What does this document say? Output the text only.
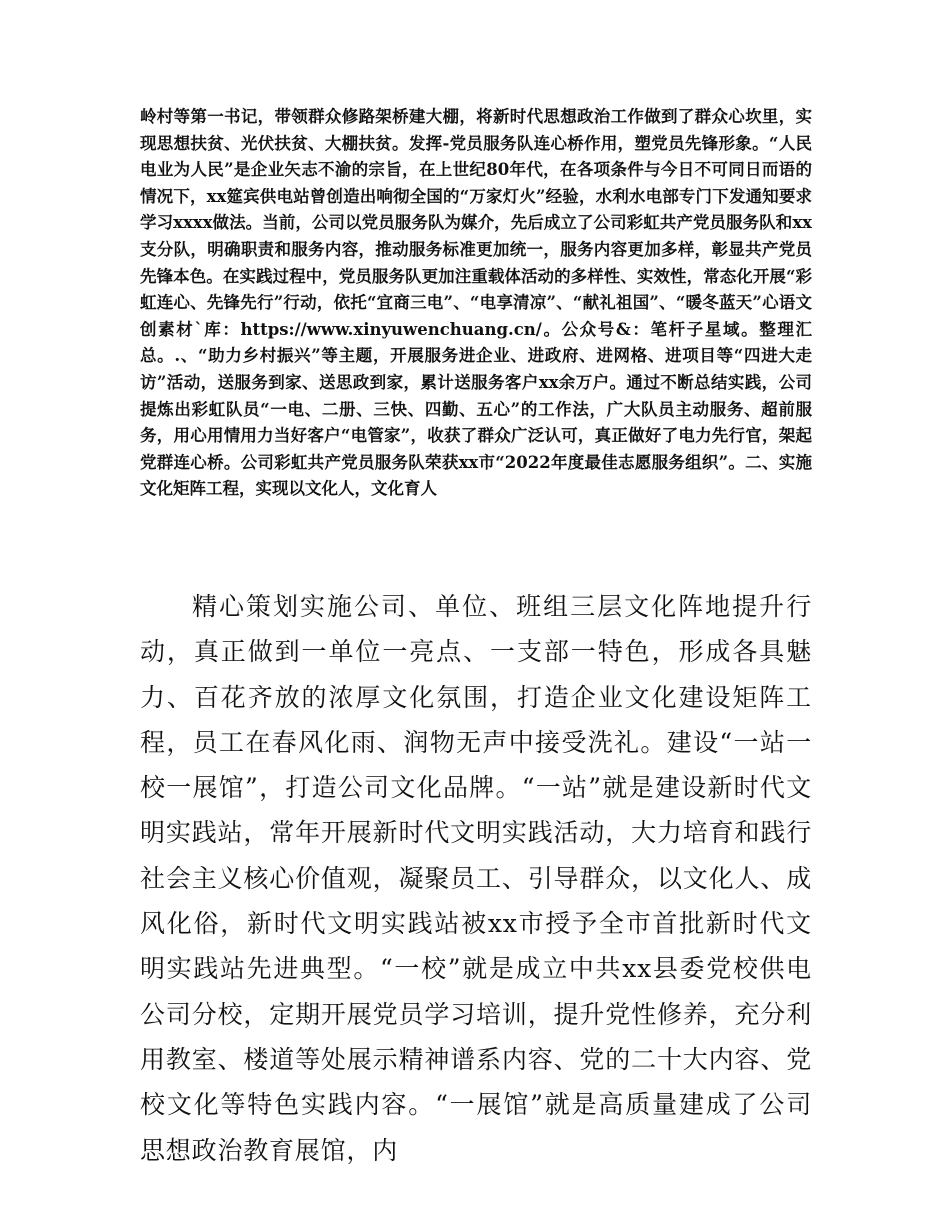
岭村等第一书记，带领群众修路架桥建大棚，将新时代思想政治工作做到了群众心坎里，实现思想扶贫、光伏扶贫、大棚扶贫。发挥-党员服务队连心桥作用，塑党员先锋形象。“人民电业为人民”是企业矢志不渝的宗旨，在上世纪80年代，在各项条件与今日不可同日而语的情况下，xx筵宾供电站曾创造出响彻全国的“万家灯火”经验，水利水电部专门下发通知要求学习xxxx做法。当前，公司以党员服务队为媒介，先后成立了公司彩虹共产党员服务队和xx支分队，明确职责和服务内容，推动服务标准更加统一，服务内容更加多样，彰显共产党员先锋本色。在实践过程中，党员服务队更加注重载体活动的多样性、实效性，常态化开展“彩虹连心、先锋先行”行动，依托“宜商三电”、“电享清凉”、“献礼祖国”、“暖冬蓝天”心语文创素材`库：https://www.xinyuwenchuang.cn/。公众号&：笔杆子星域。整理汇总。.、“助力乡村振兴”等主题，开展服务进企业、进政府、进网格、进项目等“四进大走访”活动，送服务到家、送思政到家，累计送服务客户xx余万户。通过不断总结实践，公司提炼出彩虹队员“一电、二册、三快、四勤、五心”的工作法，广大队员主动服务、超前服务，用心用情用力当好客户“电管家”，收获了群众广泛认可，真正做好了电力先行官，架起党群连心桥。公司彩虹共产党员服务队荣获xx市“2022年度最佳志愿服务组织”。二、实施文化矩阵工程，实现以文化人，文化育人

精心策划实施公司、单位、班组三层文化阵地提升行动，真正做到一单位一亮点、一支部一特色，形成各具魅力、百花齐放的浓厚文化氛围，打造企业文化建设矩阵工程，员工在春风化雨、润物无声中接受洗礼。建设“一站一校一展馆”，打造公司文化品牌。“一站”就是建设新时代文明实践站，常年开展新时代文明实践活动，大力培育和践行社会主义核心价值观，凝聚员工、引导群众，以文化人、成风化俗，新时代文明实践站被xx市授予全市首批新时代文明实践站先进典型。“一校”就是成立中共xx县委党校供电公司分校，定期开展党员学习培训，提升党性修养，充分利用教室、楼道等处展示精神谱系内容、党的二十大内容、党校文化等特色实践内容。“一展馆”就是高质量建成了公司思想政治教育展馆，内
